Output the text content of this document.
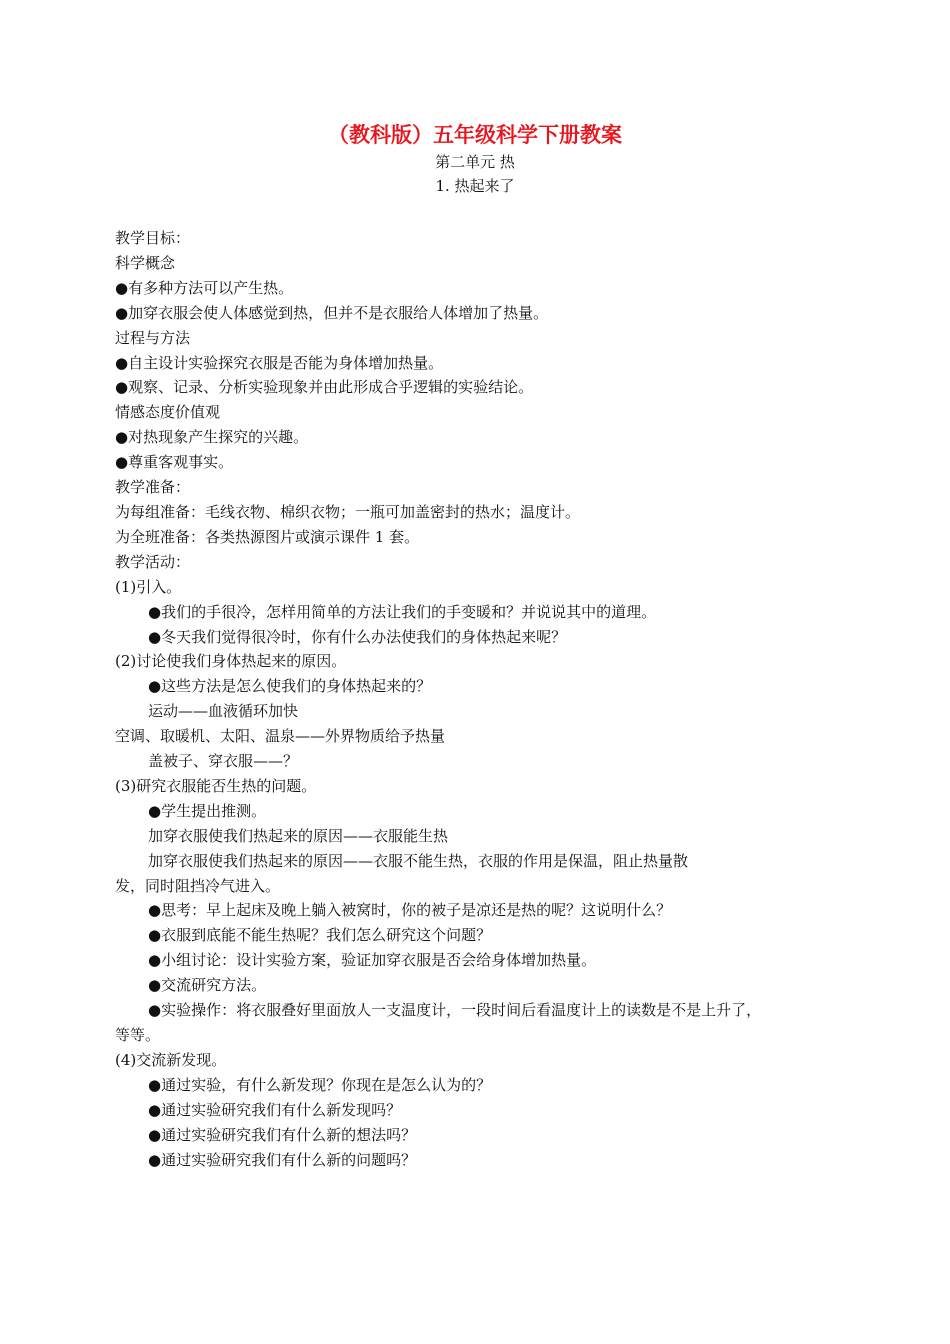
（教科版）五年级科学下册教案
第二单元 热
1. 热起来了
教学目标：
科学概念
●有多种方法可以产生热。
●加穿衣服会使人体感觉到热，但并不是衣服给人体增加了热量。
过程与方法
●自主设计实验探究衣服是否能为身体增加热量。
●观察、记录、分析实验现象并由此形成合乎逻辑的实验结论。
情感态度价值观
●对热现象产生探究的兴趣。
●尊重客观事实。
教学准备：
为每组准备：毛线衣物、棉织衣物；一瓶可加盖密封的热水；温度计。
为全班准备：各类热源图片或演示课件 1 套。
教学活动：
(1)引入。
●我们的手很冷，怎样用简单的方法让我们的手变暖和？并说说其中的道理。
●冬天我们觉得很冷时，你有什么办法使我们的身体热起来呢？
(2)讨论使我们身体热起来的原因。
●这些方法是怎么使我们的身体热起来的？
运动——血液循环加快
空调、取暖机、太阳、温泉——外界物质给予热量
盖被子、穿衣服——？
(3)研究衣服能否生热的问题。
●学生提出推测。
加穿衣服使我们热起来的原因——衣服能生热
加穿衣服使我们热起来的原因——衣服不能生热，衣服的作用是保温，阻止热量散
发，同时阻挡冷气进入。
●思考：早上起床及晚上躺入被窝时，你的被子是凉还是热的呢？这说明什么？
●衣服到底能不能生热呢？我们怎么研究这个问题？
●小组讨论：设计实验方案，验证加穿衣服是否会给身体增加热量。
●交流研究方法。
●实验操作：将衣服叠好里面放人一支温度计，一段时间后看温度计上的读数是不是上升了，
等等。
(4)交流新发现。
●通过实验，有什么新发现？你现在是怎么认为的？
●通过实验研究我们有什么新发现吗？
●通过实验研究我们有什么新的想法吗？
●通过实验研究我们有什么新的问题吗？
